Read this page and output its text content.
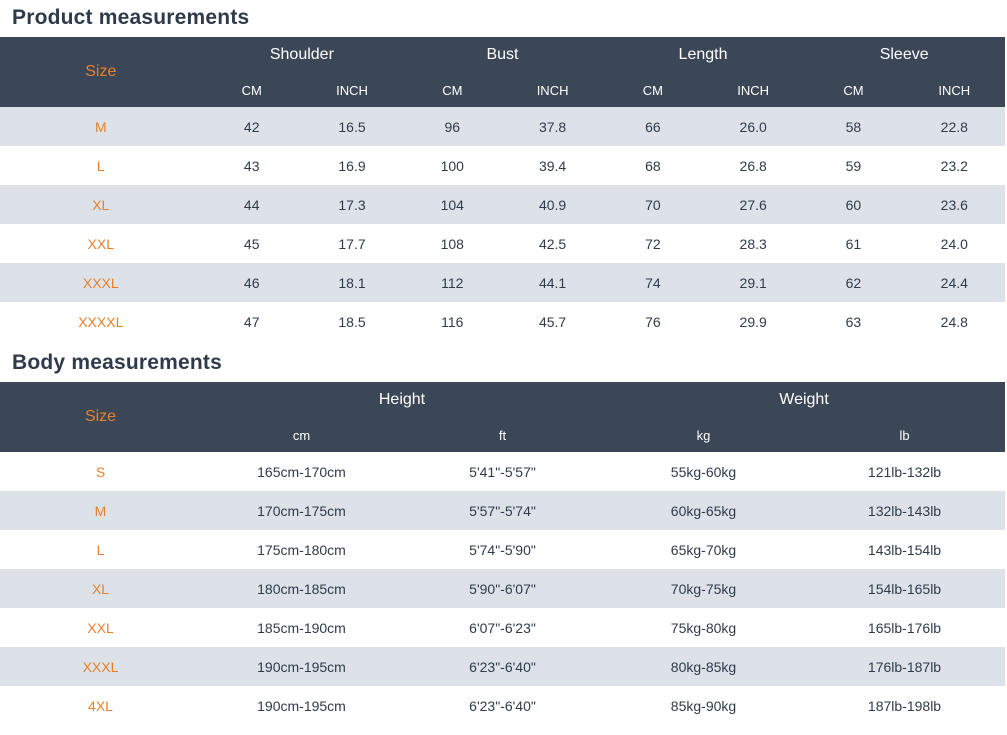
Product measurements
Size	Shoulder		Bust		Length		Sleeve	
	CM	INCH	CM	INCH	CM	INCH	CM	INCH
M	42	16.5	96	37.8	66	26.0	58	22.8
L	43	16.9	100	39.4	68	26.8	59	23.2
XL	44	17.3	104	40.9	70	27.6	60	23.6
XXL	45	17.7	108	42.5	72	28.3	61	24.0
XXXL	46	18.1	112	44.1	74	29.1	62	24.4
XXXXL	47	18.5	116	45.7	76	29.9	63	24.8
Body measurements
Size	Height		Weight	
	cm	ft	kg	lb
S	165cm-170cm	5'41"-5'57"	55kg-60kg	121lb-132lb
M	170cm-175cm	5'57"-5'74"	60kg-65kg	132lb-143lb
L	175cm-180cm	5'74"-5'90"	65kg-70kg	143lb-154lb
XL	180cm-185cm	5'90"-6'07"	70kg-75kg	154lb-165lb
XXL	185cm-190cm	6'07"-6'23"	75kg-80kg	165lb-176lb
XXXL	190cm-195cm	6'23"-6'40"	80kg-85kg	176lb-187lb
4XL	190cm-195cm	6'23"-6'40"	85kg-90kg	187lb-198lb
